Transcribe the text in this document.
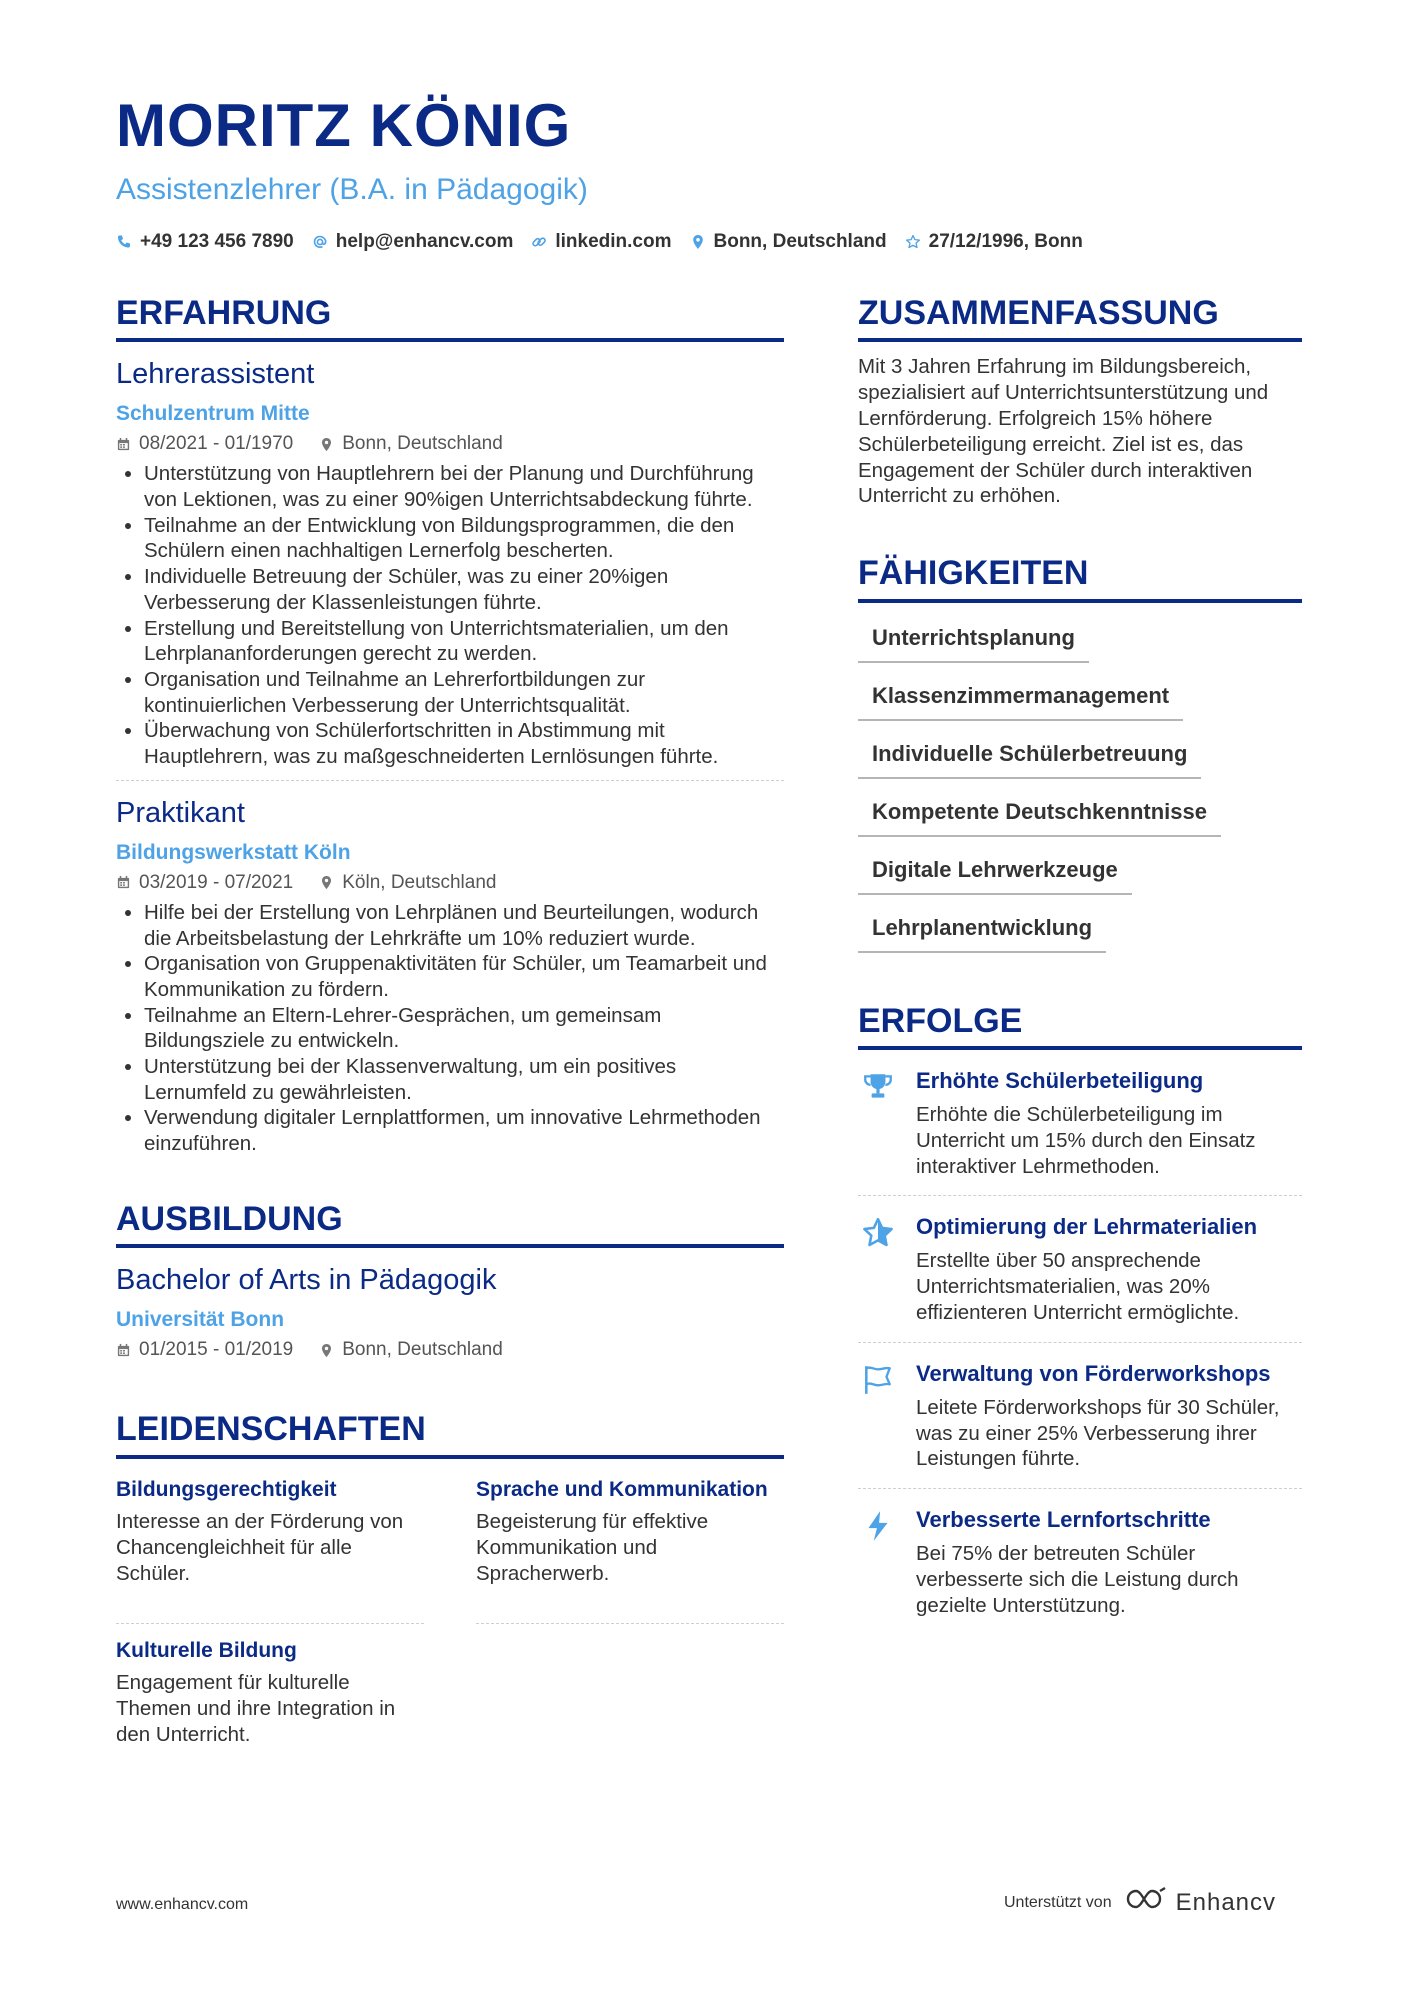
MORITZ KÖNIG
Assistenzlehrer (B.A. in Pädagogik)
+49 123 456 7890 help@enhancv.com linkedin.com Bonn, Deutschland 27/12/1996, Bonn
ERFAHRUNG
Lehrerassistent
Schulzentrum Mitte
08/2021 - 01/1970	Bonn, Deutschland
• Unterstützung von Hauptlehrern bei der Planung und Durchführung von Lektionen, was zu einer 90%igen Unterrichtsabdeckung führte.
• Teilnahme an der Entwicklung von Bildungsprogrammen, die den Schülern einen nachhaltigen Lernerfolg bescherten.
• Individuelle Betreuung der Schüler, was zu einer 20%igen Verbesserung der Klassenleistungen führte.
• Erstellung und Bereitstellung von Unterrichtsmaterialien, um den Lehrplananforderungen gerecht zu werden.
• Organisation und Teilnahme an Lehrerfortbildungen zur kontinuierlichen Verbesserung der Unterrichtsqualität.
• Überwachung von Schülerfortschritten in Abstimmung mit Hauptlehrern, was zu maßgeschneiderten Lernlösungen führte.
Praktikant
Bildungswerkstatt Köln
03/2019 - 07/2021	Köln, Deutschland
• Hilfe bei der Erstellung von Lehrplänen und Beurteilungen, wodurch die Arbeitsbelastung der Lehrkräfte um 10% reduziert wurde.
• Organisation von Gruppenaktivitäten für Schüler, um Teamarbeit und Kommunikation zu fördern.
• Teilnahme an Eltern-Lehrer-Gesprächen, um gemeinsam Bildungsziele zu entwickeln.
• Unterstützung bei der Klassenverwaltung, um ein positives Lernumfeld zu gewährleisten.
• Verwendung digitaler Lernplattformen, um innovative Lehrmethoden einzuführen.
AUSBILDUNG
Bachelor of Arts in Pädagogik
Universität Bonn
01/2015 - 01/2019	Bonn, Deutschland
LEIDENSCHAFTEN
Bildungsgerechtigkeit
Interesse an der Förderung von Chancengleichheit für alle Schüler.
Sprache und Kommunikation
Begeisterung für effektive Kommunikation und Spracherwerb.
Kulturelle Bildung
Engagement für kulturelle Themen und ihre Integration in den Unterricht.
ZUSAMMENFASSUNG
Mit 3 Jahren Erfahrung im Bildungsbereich, spezialisiert auf Unterrichtsunterstützung und Lernförderung. Erfolgreich 15% höhere Schülerbeteiligung erreicht. Ziel ist es, das Engagement der Schüler durch interaktiven Unterricht zu erhöhen.
FÄHIGKEITEN
Unterrichtsplanung
Klassenzimmermanagement
Individuelle Schülerbetreuung
Kompetente Deutschkenntnisse
Digitale Lehrwerkzeuge
Lehrplanentwicklung
ERFOLGE
Erhöhte Schülerbeteiligung
Erhöhte die Schülerbeteiligung im Unterricht um 15% durch den Einsatz interaktiver Lehrmethoden.
Optimierung der Lehrmaterialien
Erstellte über 50 ansprechende Unterrichtsmaterialien, was 20% effizienteren Unterricht ermöglichte.
Verwaltung von Förderworkshops
Leitete Förderworkshops für 30 Schüler, was zu einer 25% Verbesserung ihrer Leistungen führte.
Verbesserte Lernfortschritte
Bei 75% der betreuten Schüler verbesserte sich die Leistung durch gezielte Unterstützung.
www.enhancv.com	Unterstützt von	Enhancv
